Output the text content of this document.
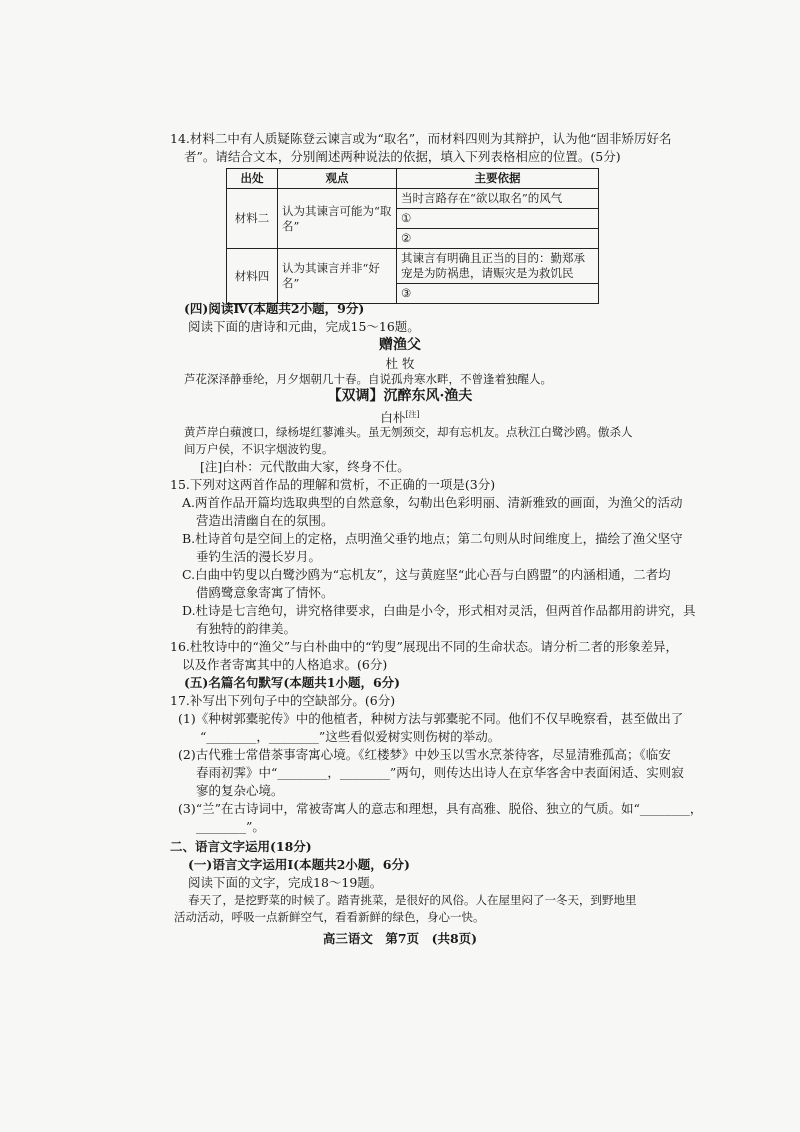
14.材料二中有人质疑陈登云谏言或为“取名”，而材料四则为其辩护，认为他“固非矫厉好名
者”。请结合文本，分别阐述两种说法的依据，填入下列表格相应的位置。(5分)
出处	观点	主要依据
材料二	认为其谏言可能为“取名”	当时言路存在“欲以取名”的风气
		①
		②
材料四	认为其谏言并非“好名”	其谏言有明确且正当的目的：勤郑承宠是为防祸患，请赈灾是为救饥民
		③
(四)阅读Ⅳ(本题共2小题，9分)
阅读下面的唐诗和元曲，完成15～16题。
赠渔父
杜 牧
芦花深泽静垂纶，月夕烟朝几十春。自说孤舟寒水畔，不曾逢着独醒人。
【双调】沉醉东风·渔夫
白朴[注]
黄芦岸白蘋渡口，绿杨堤红蓼滩头。虽无刎颈交，却有忘机友。点秋江白鹭沙鸥。傲杀人
间万户侯，不识字烟波钓叟。
[注]白朴：元代散曲大家，终身不仕。
15.下列对这两首作品的理解和赏析，不正确的一项是(3分)
A.两首作品开篇均选取典型的自然意象，勾勒出色彩明丽、清新雅致的画面，为渔父的活动
营造出清幽自在的氛围。
B.杜诗首句是空间上的定格，点明渔父垂钓地点；第二句则从时间维度上，描绘了渔父坚守
垂钓生活的漫长岁月。
C.白曲中钓叟以白鹭沙鸥为“忘机友”，这与黄庭坚“此心吾与白鸥盟”的内涵相通，二者均
借鸥鹭意象寄寓了情怀。
D.杜诗是七言绝句，讲究格律要求，白曲是小令，形式相对灵活，但两首作品都用韵讲究，具
有独特的韵律美。
16.杜牧诗中的“渔父”与白朴曲中的“钓叟”展现出不同的生命状态。请分析二者的形象差异，
以及作者寄寓其中的人格追求。(6分)
(五)名篇名句默写(本题共1小题，6分)
17.补写出下列句子中的空缺部分。(6分)
(1)《种树郭橐驼传》中的他植者，种树方法与郭橐驼不同。他们不仅早晚察看，甚至做出了
“________，________”这些看似爱树实则伤树的举动。
(2)古代雅士常借茶事寄寓心境。《红楼梦》中妙玉以雪水烹茶待客，尽显清雅孤高；《临安
春雨初霁》中“________，________”两句，则传达出诗人在京华客舍中表面闲适、实则寂
寥的复杂心境。
(3)“兰”在古诗词中，常被寄寓人的意志和理想，具有高雅、脱俗、独立的气质。如“________，
________”。
二、语言文字运用(18分)
(一)语言文字运用Ⅰ(本题共2小题，6分)
阅读下面的文字，完成18～19题。
春天了，是挖野菜的时候了。踏青挑菜，是很好的风俗。人在屋里闷了一冬天，到野地里
活动活动，呼吸一点新鲜空气，看看新鲜的绿色，身心一快。
高三语文　第7页　(共8页)
